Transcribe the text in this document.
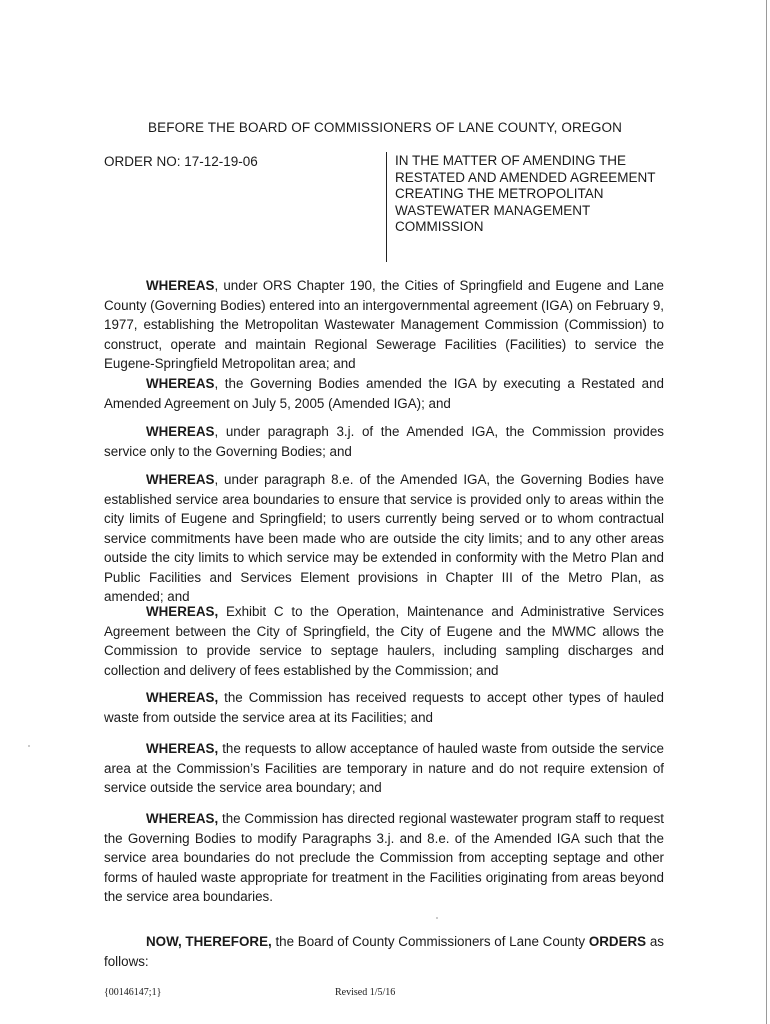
BEFORE THE BOARD OF COMMISSIONERS OF LANE COUNTY, OREGON
ORDER NO: 17-12-19-06	IN THE MATTER OF AMENDING THE
RESTATED AND AMENDED AGREEMENT
CREATING THE METROPOLITAN
WASTEWATER MANAGEMENT
COMMISSION

WHEREAS, under ORS Chapter 190, the Cities of Springfield and Eugene and Lane County (Governing Bodies) entered into an intergovernmental agreement (IGA) on February 9, 1977, establishing the Metropolitan Wastewater Management Commission (Commission) to construct, operate and maintain Regional Sewerage Facilities (Facilities) to service the Eugene-Springfield Metropolitan area; and

WHEREAS, the Governing Bodies amended the IGA by executing a Restated and Amended Agreement on July 5, 2005 (Amended IGA); and

WHEREAS, under paragraph 3.j. of the Amended IGA, the Commission provides service only to the Governing Bodies; and

WHEREAS, under paragraph 8.e. of the Amended IGA, the Governing Bodies have established service area boundaries to ensure that service is provided only to areas within the city limits of Eugene and Springfield; to users currently being served or to whom contractual service commitments have been made who are outside the city limits; and to any other areas outside the city limits to which service may be extended in conformity with the Metro Plan and Public Facilities and Services Element provisions in Chapter III of the Metro Plan, as amended; and

WHEREAS, Exhibit C to the Operation, Maintenance and Administrative Services Agreement between the City of Springfield, the City of Eugene and the MWMC allows the Commission to provide service to septage haulers, including sampling discharges and collection and delivery of fees established by the Commission; and

WHEREAS, the Commission has received requests to accept other types of hauled waste from outside the service area at its Facilities; and

WHEREAS, the requests to allow acceptance of hauled waste from outside the service area at the Commission’s Facilities are temporary in nature and do not require extension of service outside the service area boundary; and

WHEREAS, the Commission has directed regional wastewater program staff to request the Governing Bodies to modify Paragraphs 3.j. and 8.e. of the Amended IGA such that the service area boundaries do not preclude the Commission from accepting septage and other forms of hauled waste appropriate for treatment in the Facilities originating from areas beyond the service area boundaries.

NOW, THEREFORE, the Board of County Commissioners of Lane County ORDERS as follows:

{00146147;1}	Revised 1/5/16
